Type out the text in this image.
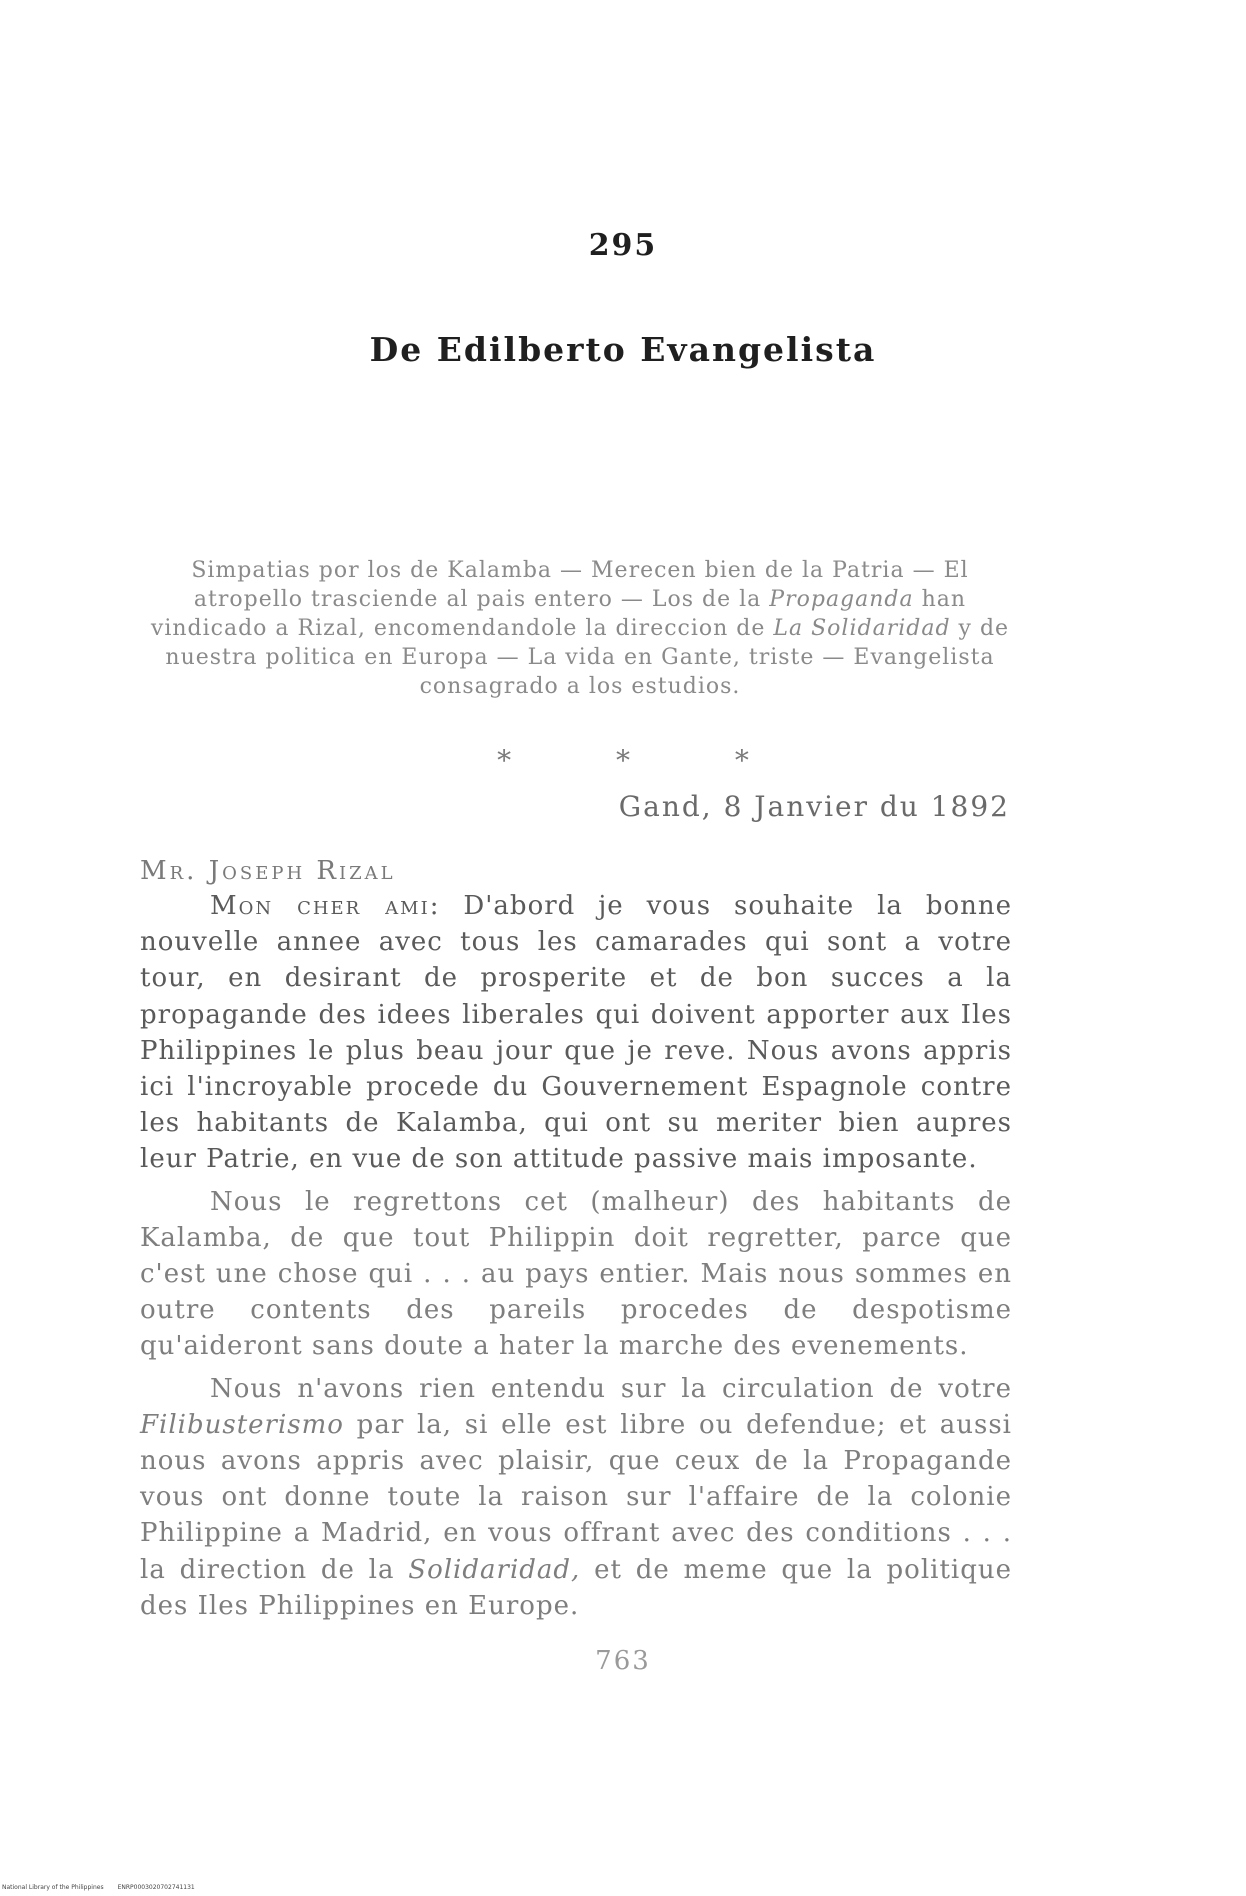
295
De Edilberto Evangelista
Simpatias por los de Kalamba — Merecen bien de la Patria — El atropello trasciende al pais entero — Los de la Propaganda han vindicado a Rizal, encomendandole la direccion de La Solidaridad y de nuestra politica en Europa — La vida en Gante, triste — Evangelista consagrado a los estudios.
* * *
Gand, 8 Janvier du 1892
Mr. Joseph Rizal

Mon cher ami: D'abord je vous souhaite la bonne nouvelle annee avec tous les camarades qui sont a votre tour, en desirant de prosperite et de bon succes a la propagande des idees liberales qui doivent apporter aux Iles Philippines le plus beau jour que je reve. Nous avons appris ici l'incroyable procede du Gouvernement Espagnole contre les habitants de Kalamba, qui ont su meriter bien aupres leur Patrie, en vue de son attitude passive mais imposante.

Nous le regrettons cet (malheur) des habitants de Kalamba, de que tout Philippin doit regretter, parce que c'est une chose qui . . . au pays entier. Mais nous sommes en outre contents des pareils procedes de despotisme qu'aideront sans doute a hater la marche des evenements.

Nous n'avons rien entendu sur la circulation de votre Filibusterismo par la, si elle est libre ou defendue; et aussi nous avons appris avec plaisir, que ceux de la Propagande vous ont donne toute la raison sur l'affaire de la colonie Philippine a Madrid, en vous offrant avec des conditions . . . la direction de la Solidaridad, et de meme que la politique des Iles Philippines en Europe.

763
National Library of the Philippines ENRP0003020702741131
